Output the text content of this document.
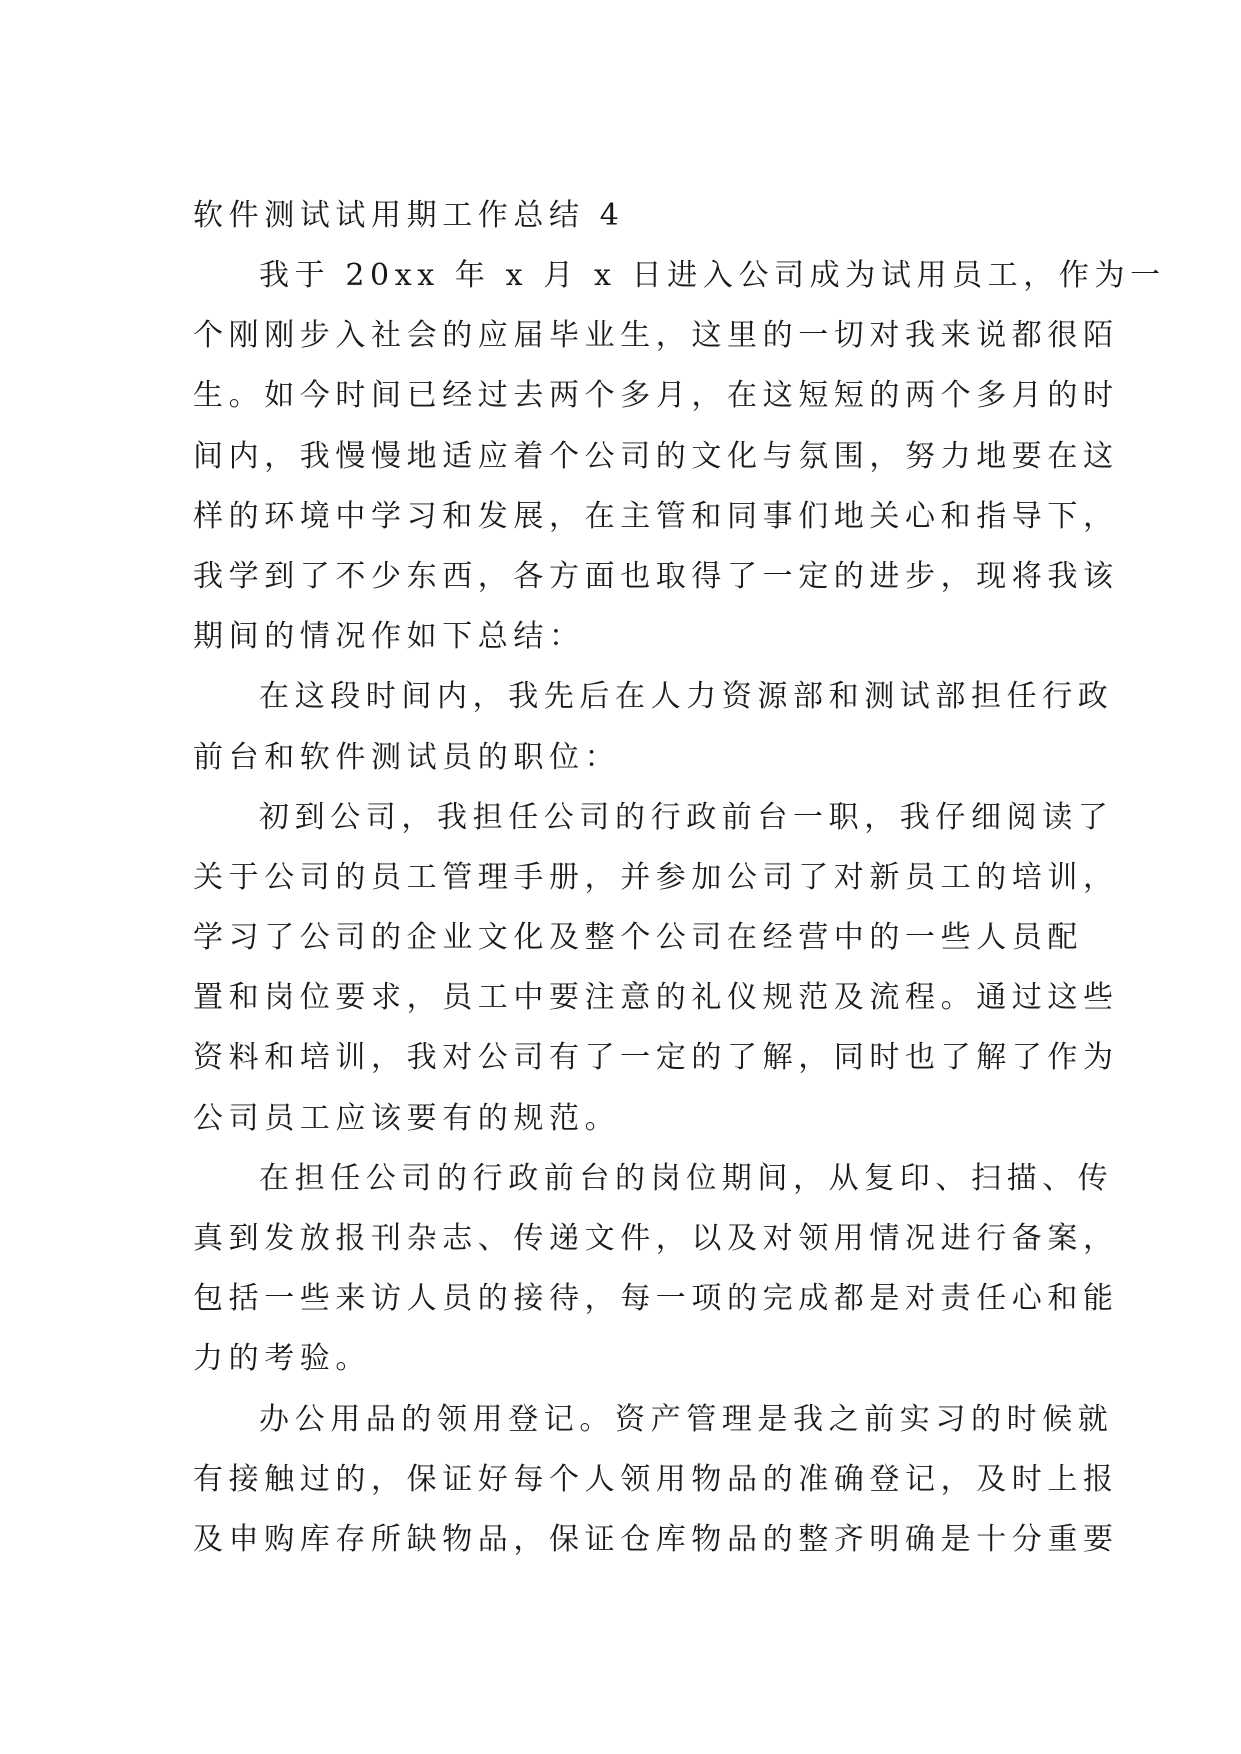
软件测试试用期工作总结 4

我于 20xx 年 x 月 x 日进入公司成为试用员工，作为一

个刚刚步入社会的应届毕业生，这里的一切对我来说都很陌

生。如今时间已经过去两个多月，在这短短的两个多月的时

间内，我慢慢地适应着个公司的文化与氛围，努力地要在这

样的环境中学习和发展，在主管和同事们地关心和指导下，

我学到了不少东西，各方面也取得了一定的进步，现将我该

期间的情况作如下总结：

在这段时间内，我先后在人力资源部和测试部担任行政

前台和软件测试员的职位：

初到公司，我担任公司的行政前台一职，我仔细阅读了

关于公司的员工管理手册，并参加公司了对新员工的培训，

学习了公司的企业文化及整个公司在经营中的一些人员配

置和岗位要求，员工中要注意的礼仪规范及流程。通过这些

资料和培训，我对公司有了一定的了解，同时也了解了作为

公司员工应该要有的规范。

在担任公司的行政前台的岗位期间，从复印、扫描、传

真到发放报刊杂志、传递文件，以及对领用情况进行备案，

包括一些来访人员的接待，每一项的完成都是对责任心和能

力的考验。

办公用品的领用登记。资产管理是我之前实习的时候就

有接触过的，保证好每个人领用物品的准确登记，及时上报

及申购库存所缺物品，保证仓库物品的整齐明确是十分重要
